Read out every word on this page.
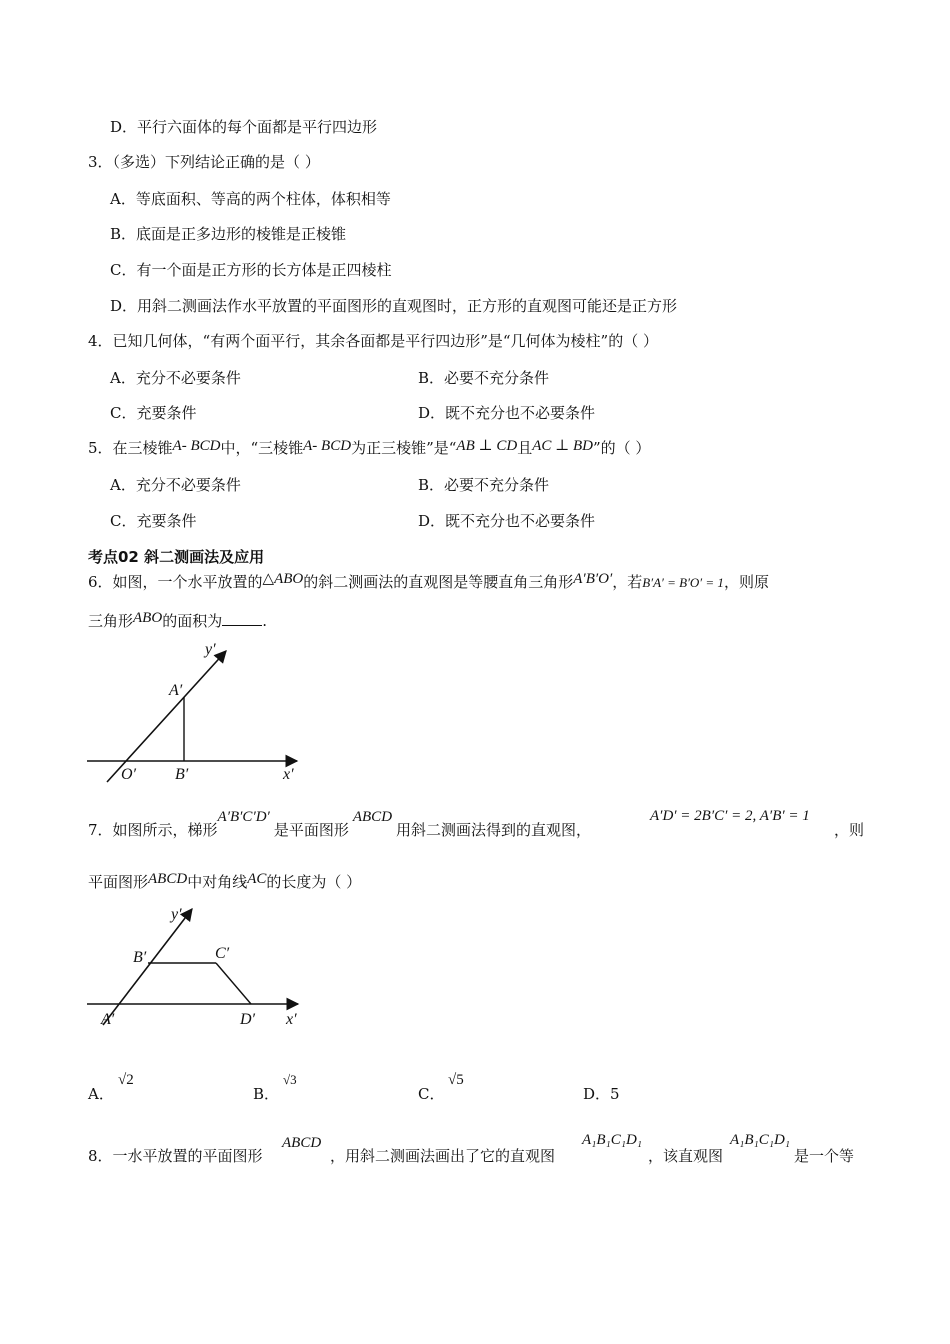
D．平行六面体的每个面都是平行四边形
3．（多选）下列结论正确的是（ ）
A．等底面积、等高的两个柱体，体积相等
B．底面是正多边形的棱锥是正棱锥
C．有一个面是正方形的长方体是正四棱柱
D．用斜二测画法作水平放置的平面图形的直观图时，正方形的直观图可能还是正方形
4．已知几何体，“有两个面平行，其余各面都是平行四边形”是“几何体为棱柱”的（ ）
A．充分不必要条件	B．必要不充分条件
C．充要条件	D．既不充分也不必要条件
5．在三棱锥A- BCD中，“三棱锥A- BCD为正三棱锥”是“AB ⊥ CD且AC ⊥ BD”的（ ）
A．充分不必要条件	B．必要不充分条件
C．充要条件	D．既不充分也不必要条件
考点02 斜二测画法及应用
6．如图，一个水平放置的△ABO的斜二测画法的直观图是等腰直角三角形A′B′O′，若B′A′ = B′O′ = 1，则原
三角形ABO的面积为	.
y′
A′
O′ B′	x′
7．如图所示，梯形A′B′C′D′是平面图形ABCD用斜二测画法得到的直观图，
A′D′ = 2B′C′ = 2, A′B′ = 1
，则
平面图形ABCD中对角线AC的长度为（ ）
y′
B′	C′
A′	D′ x′
A．
√2
B．
√3
C．
√5
D．5
8．一水平放置的平面图形
ABCD
，用斜二测画法画出了它的直观图
A₁B₁C₁D₁
，该直观图
A₁B₁C₁D₁
是一个等
